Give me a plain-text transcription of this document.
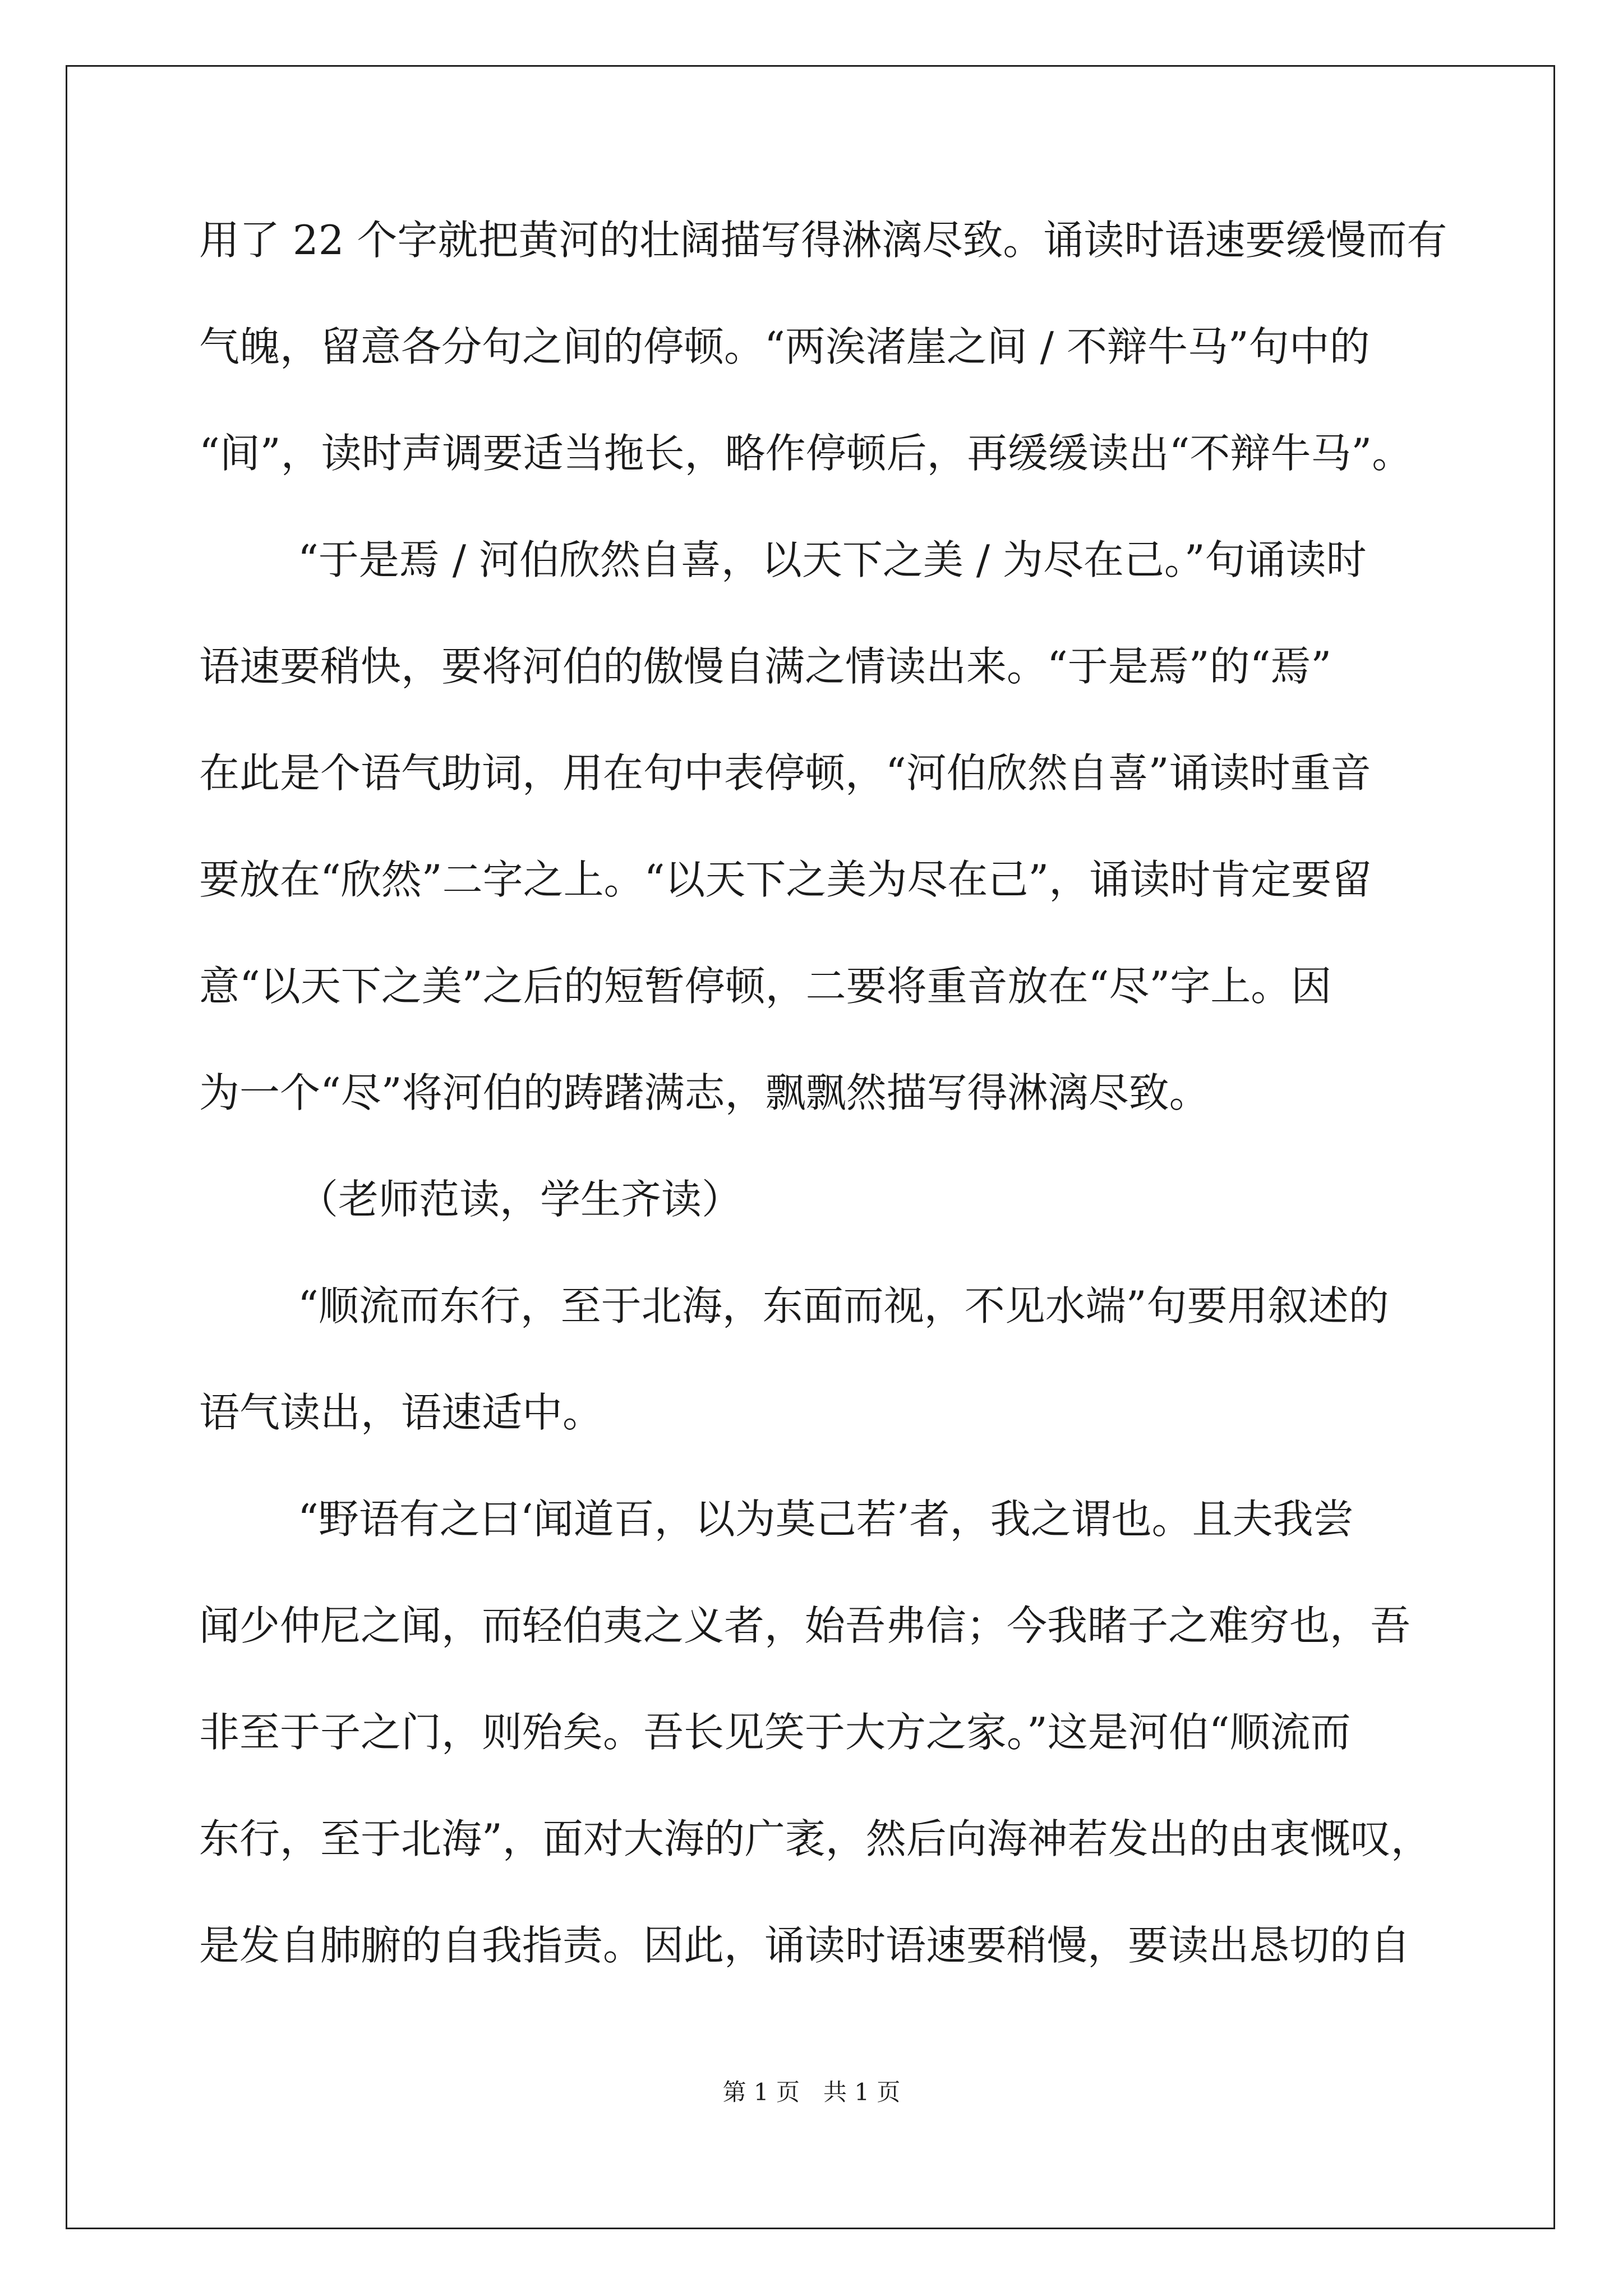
用了 22 个字就把黄河的壮阔描写得淋漓尽致。诵读时语速要缓慢而有
气魄，留意各分句之间的停顿。“两涘渚崖之间 / 不辩牛马”句中的
“间”，读时声调要适当拖长，略作停顿后，再缓缓读出“不辩牛马”。
“于是焉 / 河伯欣然自喜，以天下之美 / 为尽在己。”句诵读时
语速要稍快，要将河伯的傲慢自满之情读出来。“于是焉”的“焉”
在此是个语气助词，用在句中表停顿，“河伯欣然自喜”诵读时重音
要放在“欣然”二字之上。“以天下之美为尽在己”，诵读时肯定要留
意“以天下之美”之后的短暂停顿，二要将重音放在“尽”字上。因
为一个“尽”将河伯的踌躇满志，飘飘然描写得淋漓尽致。
（老师范读，学生齐读）
“顺流而东行，至于北海，东面而视，不见水端”句要用叙述的
语气读出，语速适中。
“野语有之曰‘闻道百，以为莫己若’者，我之谓也。且夫我尝
闻少仲尼之闻，而轻伯夷之义者，始吾弗信；今我睹子之难穷也，吾
非至于子之门，则殆矣。吾长见笑于大方之家。”这是河伯“顺流而
东行，至于北海”，面对大海的广袤，然后向海神若发出的由衷慨叹，
是发自肺腑的自我指责。因此，诵读时语速要稍慢，要读出恳切的自
第 1 页　共 1 页
